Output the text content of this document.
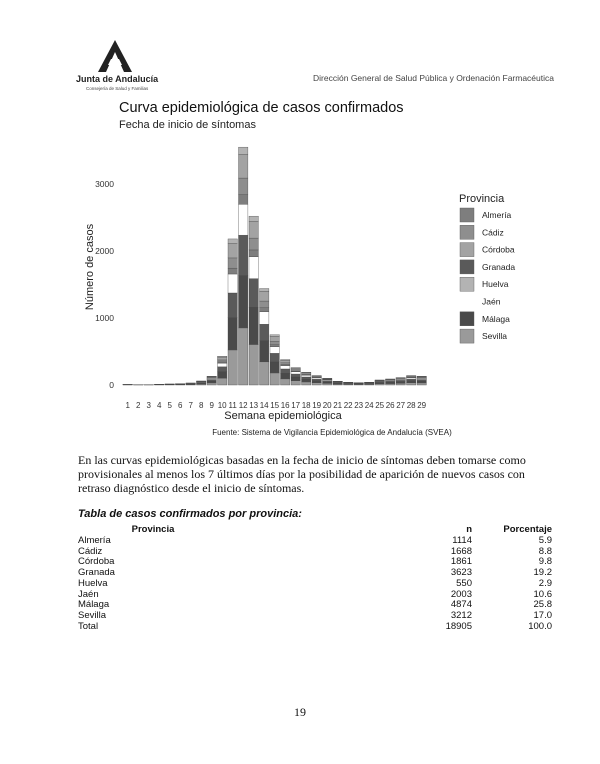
Junta de Andalucía
Consejería de Salud y Familias
Dirección General de Salud Pública y Ordenación Farmacéutica
Curva epidemiológica de casos confirmados
Fecha de inicio de síntomas
0
1000
2000
3000
Número de casos
1 2 3 4 5 6 7 8 9 10 11 12 13 14 15 16 17 18 19 20 21 22 23 24 25 26 27 28 29
Semana epidemiológica
Fuente: Sistema de Vigilancia Epidemiológica de Andalucía (SVEA)
Provincia
Almería
Cádiz
Córdoba
Granada
Huelva
Jaén
Málaga
Sevilla
En las curvas epidemiológicas basadas en la fecha de inicio de síntomas deben tomarse como provisionales al menos los 7 últimos días por la posibilidad de aparición de nuevos casos con retraso diagnóstico desde el inicio de síntomas.
Tabla de casos confirmados por provincia:
Provincia	n	Porcentaje
Almería	1114	5.9
Cádiz	1668	8.8
Córdoba	1861	9.8
Granada	3623	19.2
Huelva	550	2.9
Jaén	2003	10.6
Málaga	4874	25.8
Sevilla	3212	17.0
Total	18905	100.0
19
